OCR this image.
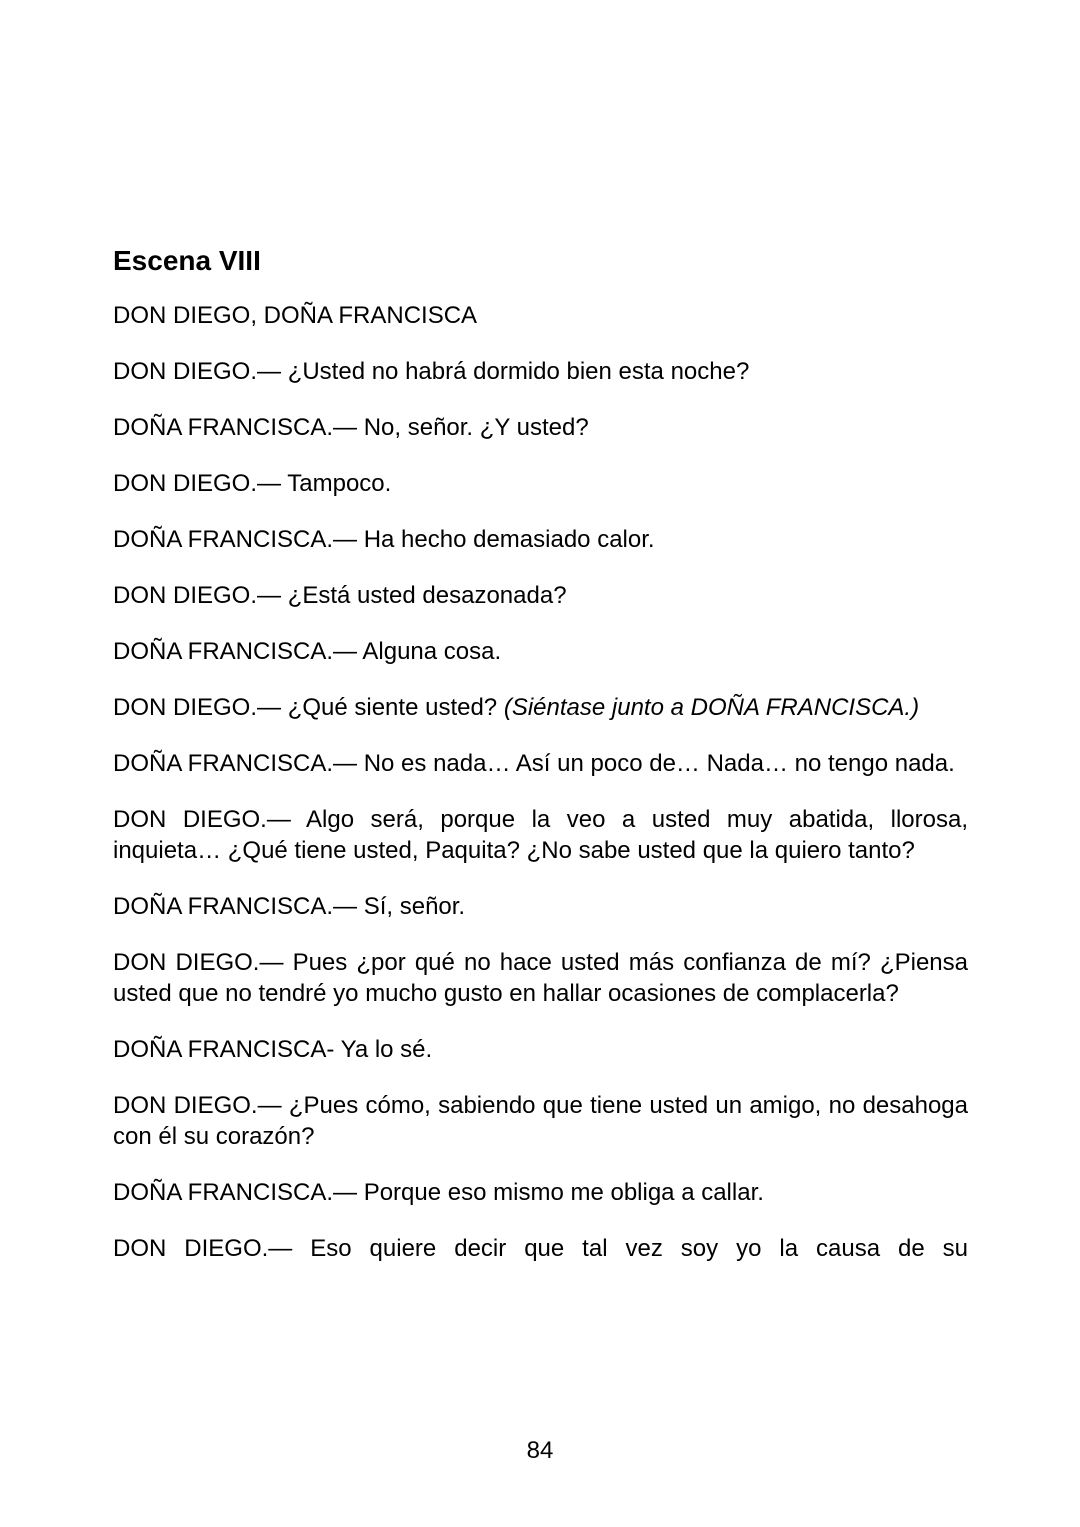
Escena VIII

DON DIEGO, DOÑA FRANCISCA

DON DIEGO.— ¿Usted no habrá dormido bien esta noche?

DOÑA FRANCISCA.— No, señor. ¿Y usted?

DON DIEGO.— Tampoco.

DOÑA FRANCISCA.— Ha hecho demasiado calor.

DON DIEGO.— ¿Está usted desazonada?

DOÑA FRANCISCA.— Alguna cosa.

DON DIEGO.— ¿Qué siente usted? (Siéntase junto a DOÑA FRANCISCA.)

DOÑA FRANCISCA.— No es nada… Así un poco de… Nada… no tengo nada.

DON DIEGO.— Algo será, porque la veo a usted muy abatida, llorosa, inquieta… ¿Qué tiene usted, Paquita? ¿No sabe usted que la quiero tanto?

DOÑA FRANCISCA.— Sí, señor.

DON DIEGO.— Pues ¿por qué no hace usted más confianza de mí? ¿Piensa usted que no tendré yo mucho gusto en hallar ocasiones de complacerla?

DOÑA FRANCISCA- Ya lo sé.

DON DIEGO.— ¿Pues cómo, sabiendo que tiene usted un amigo, no desahoga con él su corazón?

DOÑA FRANCISCA.— Porque eso mismo me obliga a callar.

DON DIEGO.— Eso quiere decir que tal vez soy yo la causa de su

84
